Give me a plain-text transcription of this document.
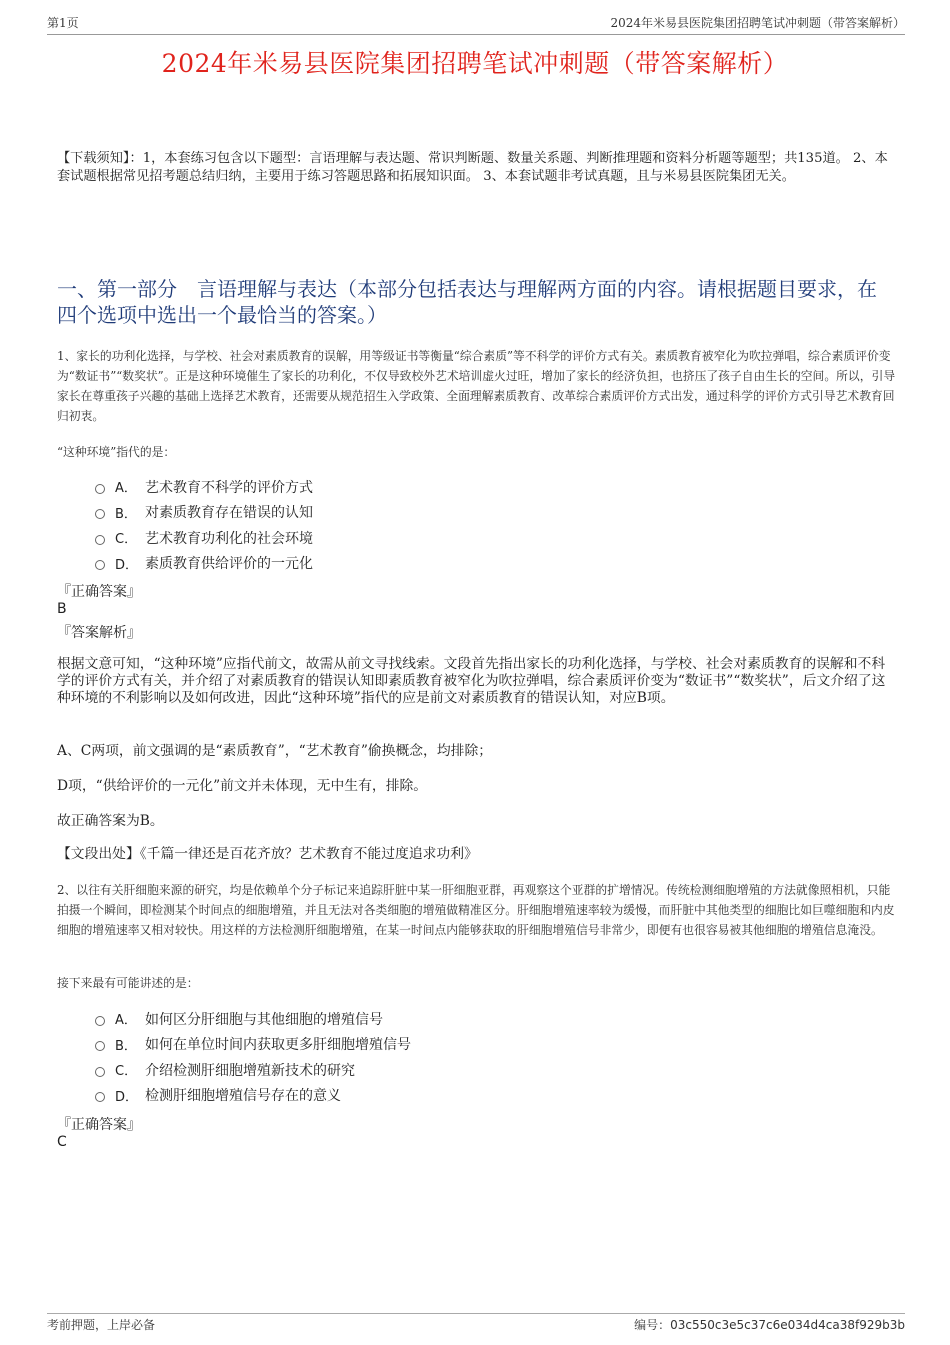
第1页	2024年米易县医院集团招聘笔试冲刺题（带答案解析）
2024年米易县医院集团招聘笔试冲刺题（带答案解析）
【下载须知】：1，本套练习包含以下题型：言语理解与表达题、常识判断题、数量关系题、判断推理题和资料分析题等题型；共135道。 2、本套试题根据常见招考题总结归纳，主要用于练习答题思路和拓展知识面。 3、本套试题非考试真题，且与米易县医院集团无关。
一、第一部分　言语理解与表达（本部分包括表达与理解两方面的内容。请根据题目要求，在四个选项中选出一个最恰当的答案。）
1、家长的功利化选择，与学校、社会对素质教育的误解，用等级证书等衡量“综合素质”等不科学的评价方式有关。素质教育被窄化为吹拉弹唱，综合素质评价变为“数证书”“数奖状”。正是这种环境催生了家长的功利化，不仅导致校外艺术培训虚火过旺，增加了家长的经济负担，也挤压了孩子自由生长的空间。所以，引导家长在尊重孩子兴趣的基础上选择艺术教育，还需要从规范招生入学政策、全面理解素质教育、改革综合素质评价方式出发，通过科学的评价方式引导艺术教育回归初衷。
“这种环境”指代的是：
A． 艺术教育不科学的评价方式
B． 对素质教育存在错误的认知
C． 艺术教育功利化的社会环境
D． 素质教育供给评价的一元化
『正确答案』
B
『答案解析』
根据文意可知，“这种环境”应指代前文，故需从前文寻找线索。文段首先指出家长的功利化选择，与学校、社会对素质教育的误解和不科学的评价方式有关，并介绍了对素质教育的错误认知即素质教育被窄化为吹拉弹唱，综合素质评价变为“数证书”“数奖状”，后文介绍了这种环境的不利影响以及如何改进，因此“这种环境”指代的应是前文对素质教育的错误认知，对应B项。
A、C两项，前文强调的是“素质教育”，“艺术教育”偷换概念，均排除；
D项，“供给评价的一元化”前文并未体现，无中生有，排除。
故正确答案为B。
【文段出处】《千篇一律还是百花齐放？艺术教育不能过度追求功利》
2、以往有关肝细胞来源的研究，均是依赖单个分子标记来追踪肝脏中某一肝细胞亚群，再观察这个亚群的扩增情况。传统检测细胞增殖的方法就像照相机，只能拍摄一个瞬间，即检测某个时间点的细胞增殖，并且无法对各类细胞的增殖做精准区分。肝细胞增殖速率较为缓慢，而肝脏中其他类型的细胞比如巨噬细胞和内皮细胞的增殖速率又相对较快。用这样的方法检测肝细胞增殖，在某一时间点内能够获取的肝细胞增殖信号非常少，即便有也很容易被其他细胞的增殖信息淹没。
接下来最有可能讲述的是：
A． 如何区分肝细胞与其他细胞的增殖信号
B． 如何在单位时间内获取更多肝细胞增殖信号
C． 介绍检测肝细胞增殖新技术的研究
D． 检测肝细胞增殖信号存在的意义
『正确答案』
C
考前押题，上岸必备	编号：03c550c3e5c37c6e034d4ca38f929b3b
